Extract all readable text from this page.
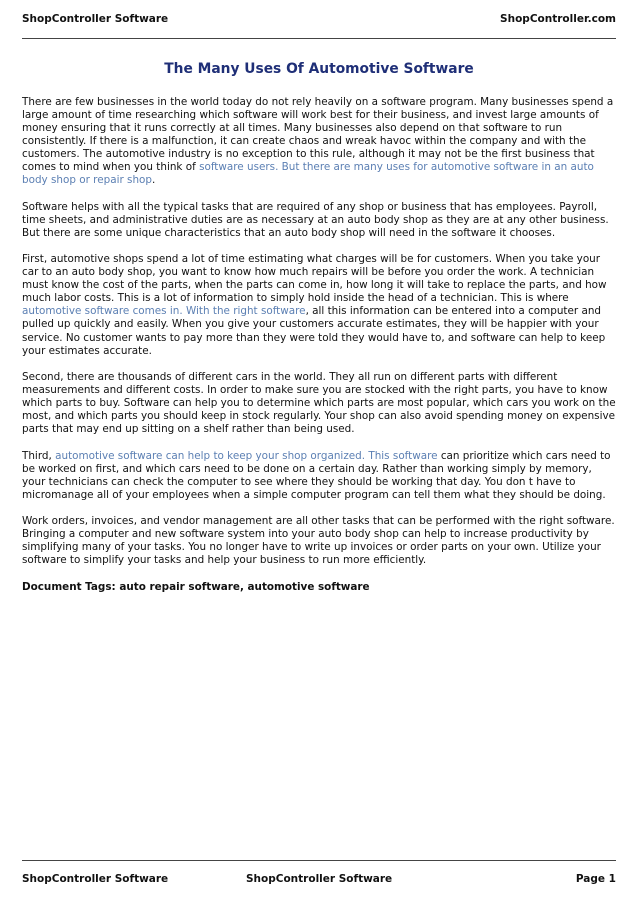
ShopController Software	ShopController.com
The Many Uses Of Automotive Software

There are few businesses in the world today do not rely heavily on a software program. Many businesses spend a large amount of time researching which software will work best for their business, and invest large amounts of money ensuring that it runs correctly at all times. Many businesses also depend on that software to run consistently. If there is a malfunction, it can create chaos and wreak havoc within the company and with the customers. The automotive industry is no exception to this rule, although it may not be the first business that comes to mind when you think of software users. But there are many uses for automotive software in an auto body shop or repair shop.

Software helps with all the typical tasks that are required of any shop or business that has employees. Payroll, time sheets, and administrative duties are as necessary at an auto body shop as they are at any other business. But there are some unique characteristics that an auto body shop will need in the software it chooses.

First, automotive shops spend a lot of time estimating what charges will be for customers. When you take your car to an auto body shop, you want to know how much repairs will be before you order the work. A technician must know the cost of the parts, when the parts can come in, how long it will take to replace the parts, and how much labor costs. This is a lot of information to simply hold inside the head of a technician. This is where automotive software comes in. With the right software, all this information can be entered into a computer and pulled up quickly and easily. When you give your customers accurate estimates, they will be happier with your service. No customer wants to pay more than they were told they would have to, and software can help to keep your estimates accurate.

Second, there are thousands of different cars in the world. They all run on different parts with different measurements and different costs. In order to make sure you are stocked with the right parts, you have to know which parts to buy. Software can help you to determine which parts are most popular, which cars you work on the most, and which parts you should keep in stock regularly. Your shop can also avoid spending money on expensive parts that may end up sitting on a shelf rather than being used.

Third, automotive software can help to keep your shop organized. This software can prioritize which cars need to be worked on first, and which cars need to be done on a certain day. Rather than working simply by memory, your technicians can check the computer to see where they should be working that day. You don t have to micromanage all of your employees when a simple computer program can tell them what they should be doing.

Work orders, invoices, and vendor management are all other tasks that can be performed with the right software. Bringing a computer and new software system into your auto body shop can help to increase productivity by simplifying many of your tasks. You no longer have to write up invoices or order parts on your own. Utilize your software to simplify your tasks and help your business to run more efficiently.

Document Tags: auto repair software, automotive software

ShopController Software	ShopController Software	Page 1
